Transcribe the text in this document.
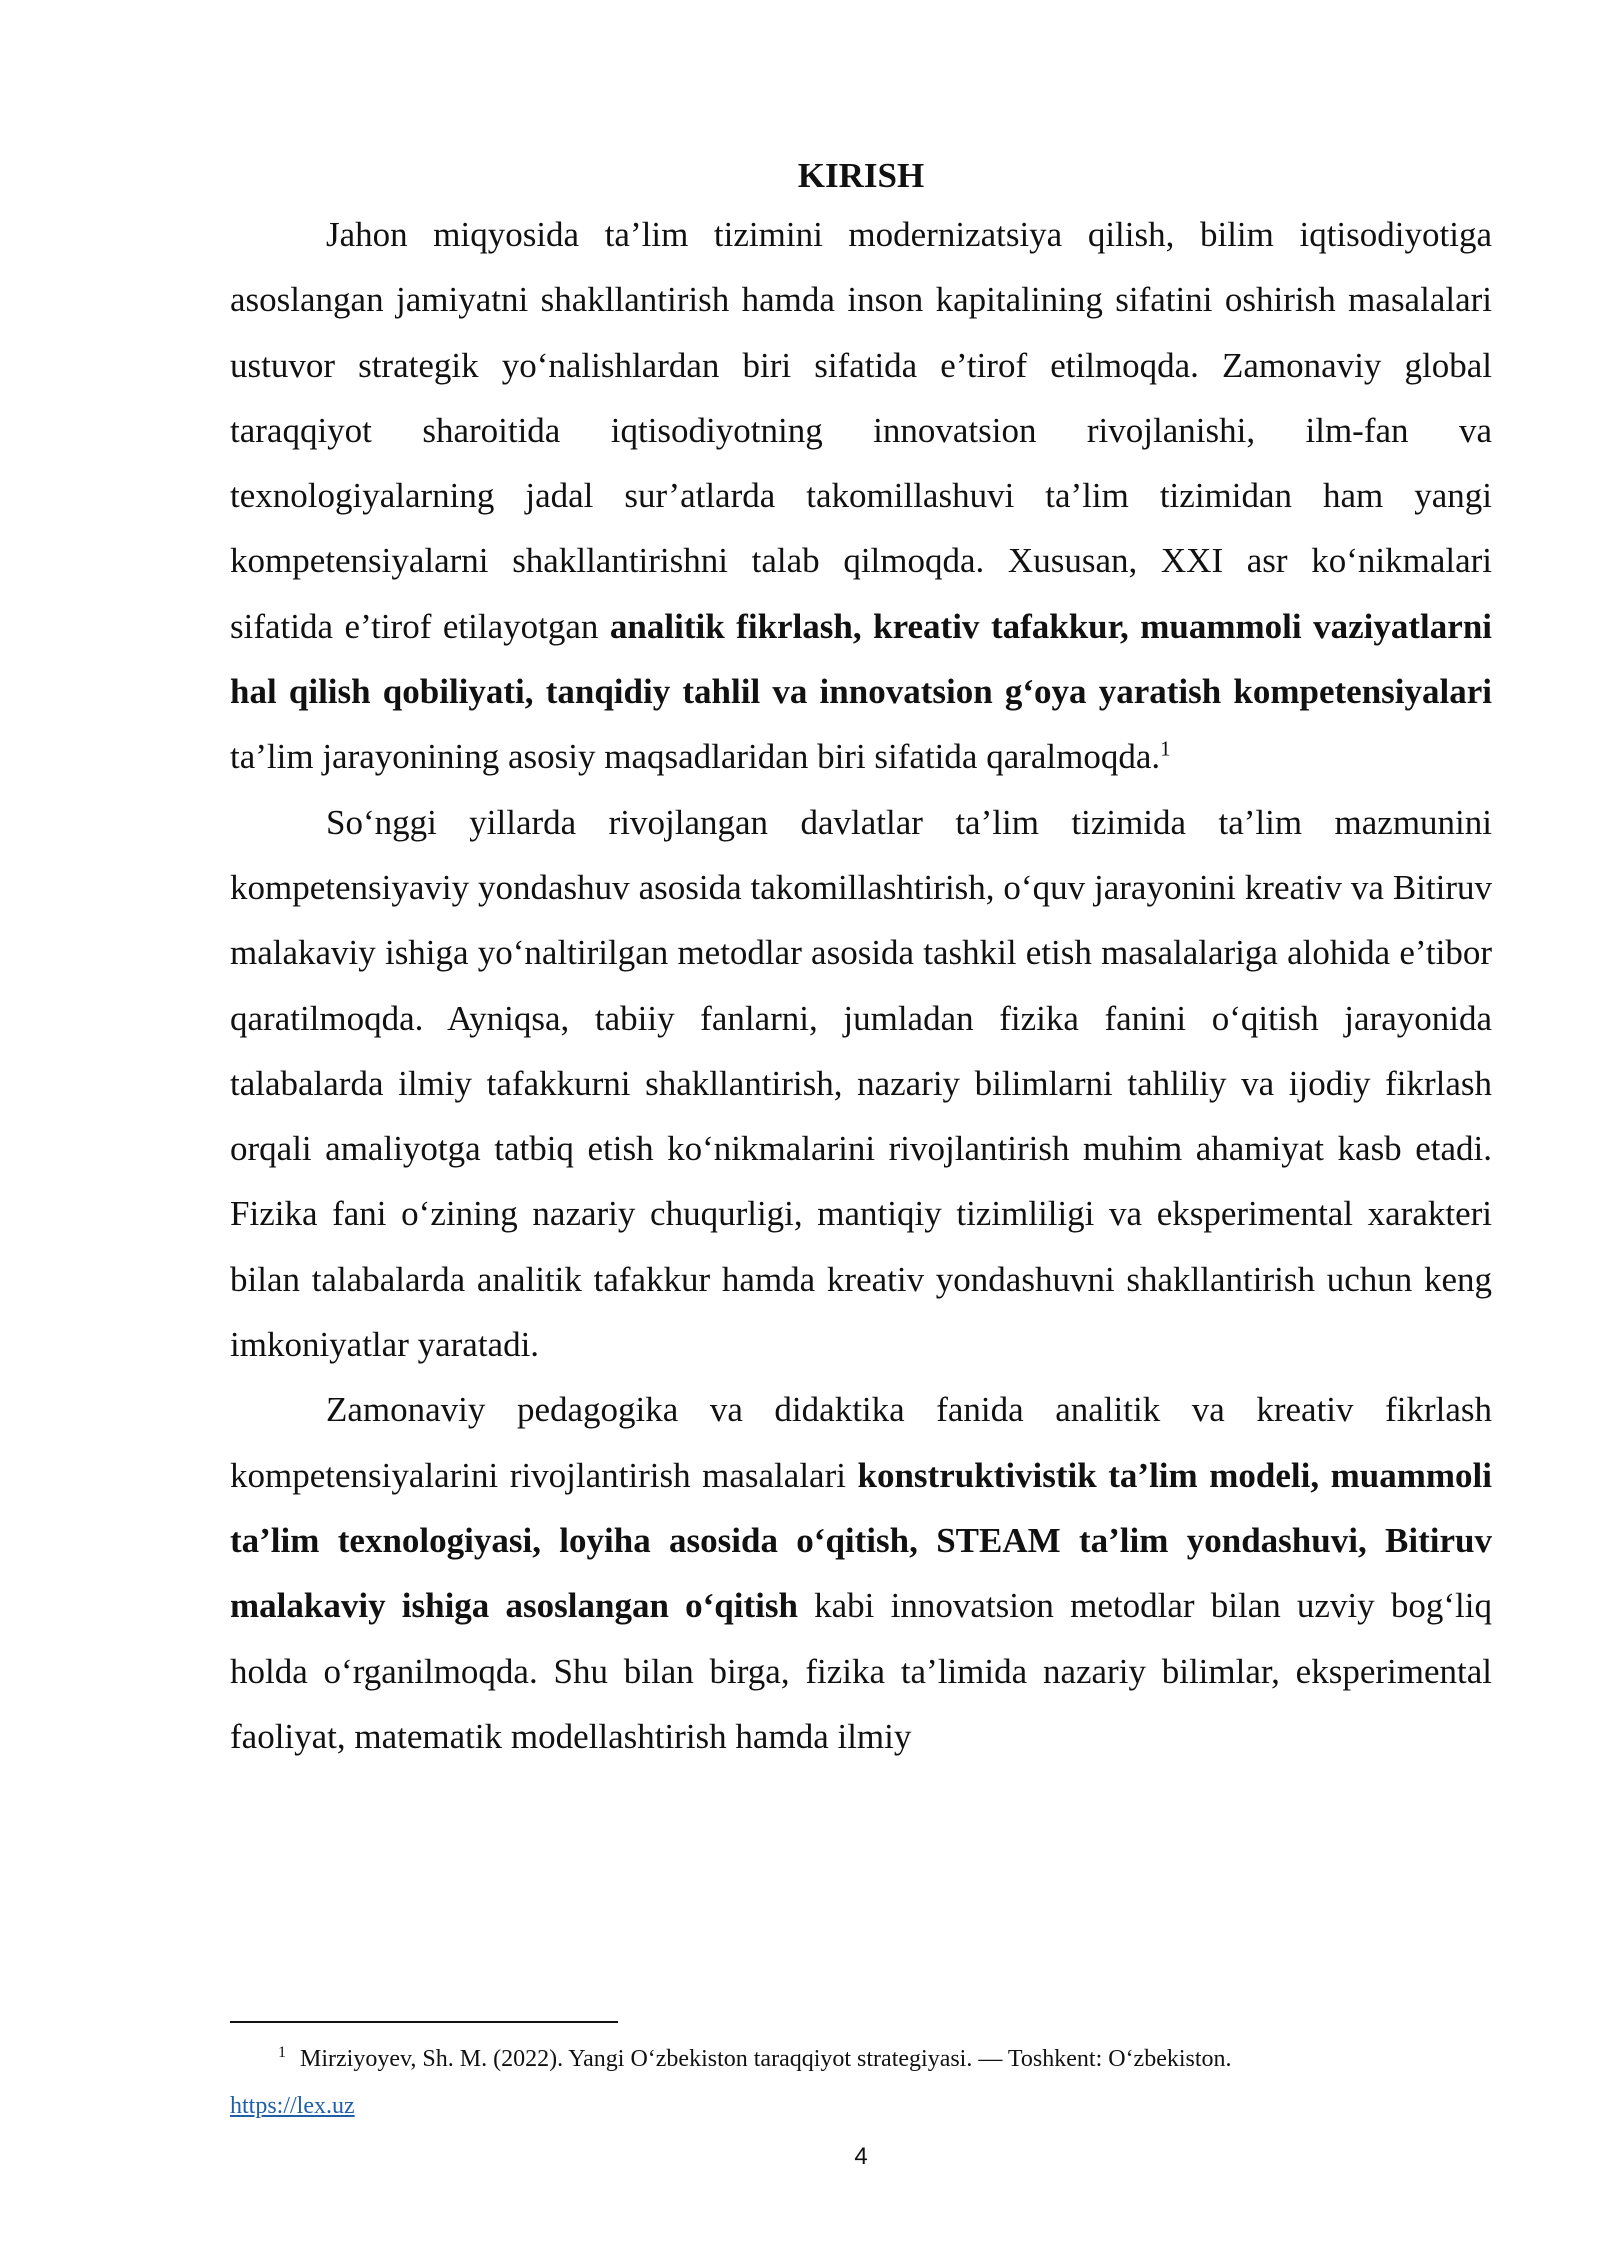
KIRISH

Jahon miqyosida ta’lim tizimini modernizatsiya qilish, bilim iqtisodiyotiga asoslangan jamiyatni shakllantirish hamda inson kapitalining sifatini oshirish masalalari ustuvor strategik yo‘nalishlardan biri sifatida e’tirof etilmoqda. Zamonaviy global taraqqiyot sharoitida iqtisodiyotning innovatsion rivojlanishi, ilm-fan va texnologiyalarning jadal sur’atlarda takomillashuvi ta’lim tizimidan ham yangi kompetensiyalarni shakllantirishni talab qilmoqda. Xususan, XXI asr ko‘nikmalari sifatida e’tirof etilayotgan analitik fikrlash, kreativ tafakkur, muammoli vaziyatlarni hal qilish qobiliyati, tanqidiy tahlil va innovatsion g‘oya yaratish kompetensiyalari ta’lim jarayonining asosiy maqsadlaridan biri sifatida qaralmoqda.$^1$

So‘nggi yillarda rivojlangan davlatlar ta’lim tizimida ta’lim mazmunini kompetensiyaviy yondashuv asosida takomillashtirish, o‘quv jarayonini kreativ va Bitiruv malakaviy ishiga yo‘naltirilgan metodlar asosida tashkil etish masalalariga alohida e’tibor qaratilmoqda. Ayniqsa, tabiiy fanlarni, jumladan fizika fanini o‘qitish jarayonida talabalarda ilmiy tafakkurni shakllantirish, nazariy bilimlarni tahliliy va ijodiy fikrlash orqali amaliyotga tatbiq etish ko‘nikmalarini rivojlantirish muhim ahamiyat kasb etadi. Fizika fani o‘zining nazariy chuqurligi, mantiqiy tizimliligi va eksperimental xarakteri bilan talabalarda analitik tafakkur hamda kreativ yondashuvni shakllantirish uchun keng imkoniyatlar yaratadi.

Zamonaviy pedagogika va didaktika fanida analitik va kreativ fikrlash kompetensiyalarini rivojlantirish masalalari konstruktivistik ta’lim modeli, muammoli ta’lim texnologiyasi, loyiha asosida o‘qitish, STEAM ta’lim yondashuvi, Bitiruv malakaviy ishiga asoslangan o‘qitish kabi innovatsion metodlar bilan uzviy bog‘liq holda o‘rganilmoqda. Shu bilan birga, fizika ta’limida nazariy bilimlar, eksperimental faoliyat, matematik modellashtirish hamda ilmiy

$^1$ Mirziyoyev, Sh. M. (2022). Yangi O‘zbekiston taraqqiyot strategiyasi. — Toshkent: O‘zbekiston.
https://lex.uz

4
